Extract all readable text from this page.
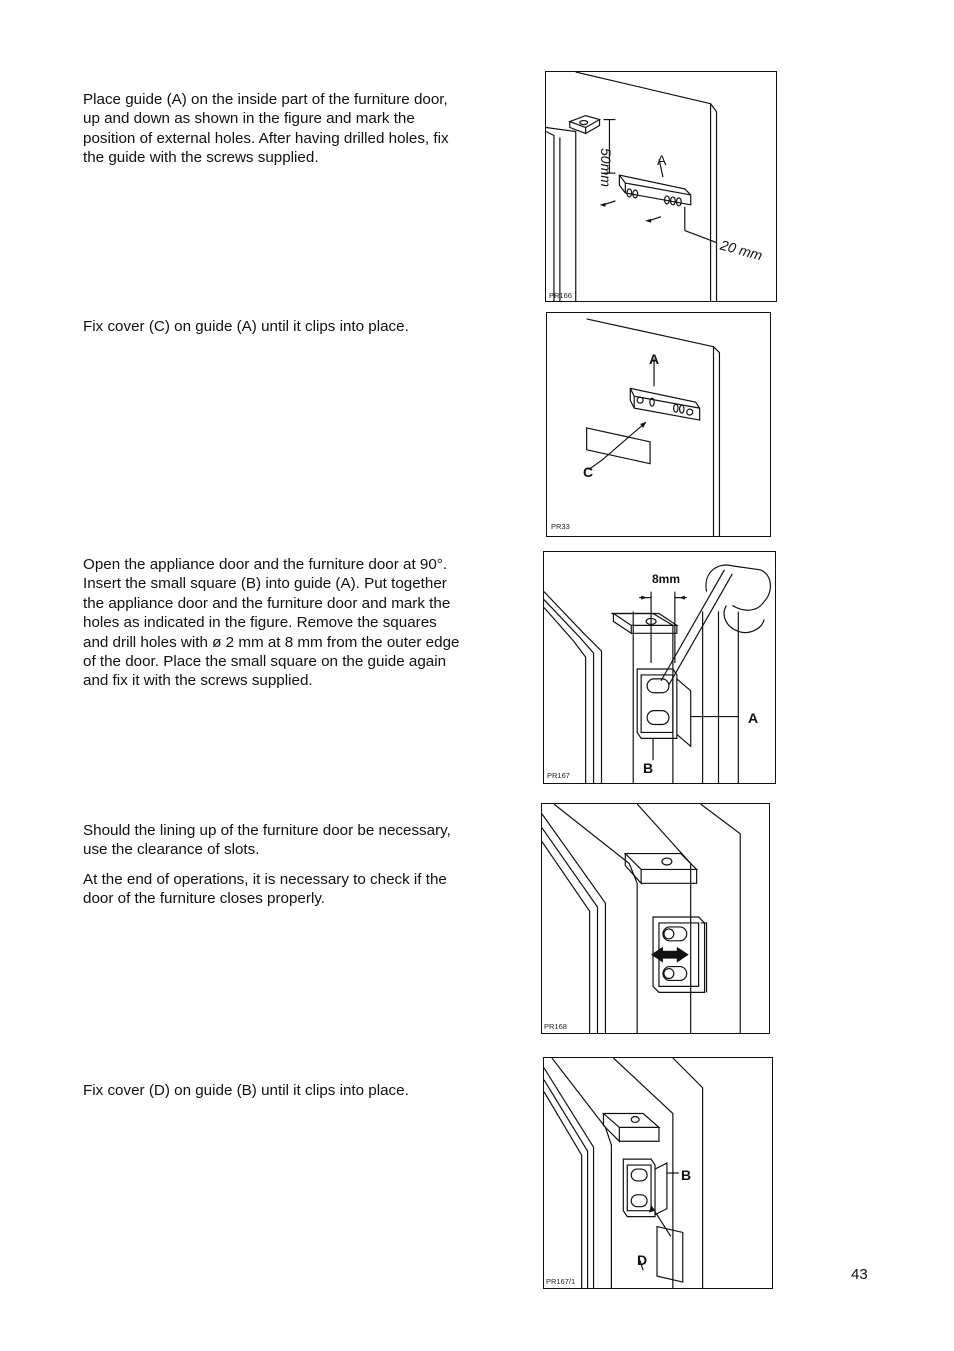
Place guide (A) on the inside part of the furniture door, up and down as shown in the figure and mark the position of external holes. After having drilled holes, fix the guide with the screws supplied.

Fix cover (C) on guide (A) until it clips into place.

Open the appliance door and the furniture door at 90°. Insert the small square (B) into guide (A). Put together the appliance door and the furniture door and mark the holes as indicated in the figure. Remove the squares and drill holes with ø 2 mm at 8 mm from the outer edge of the door. Place the small square on the guide again and fix it with the screws supplied.

Should the lining up of the furniture door be necessary, use the clearance of slots.

At the end of operations, it is necessary to check if the door of the furniture closes properly.

Fix cover (D) on guide (B) until it clips into place.

A
50mm
20 mm
PR166
A
C
PR33
8mm
A
B
PR167
PR168
B
D
PR167/1	43
